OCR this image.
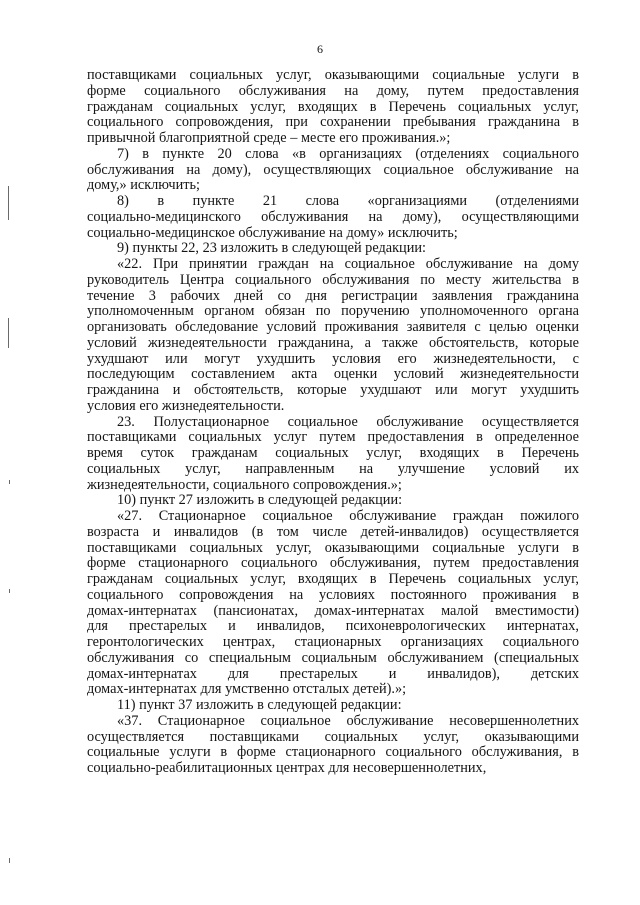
6
поставщиками социальных услуг, оказывающими социальные услуги в
форме социального обслуживания на дому, путем предоставления
гражданам социальных услуг, входящих в Перечень социальных услуг,
социального сопровождения, при сохранении пребывания гражданина в
привычной благоприятной среде – месте его проживания.»;
7) в пункте 20 слова «в организациях (отделениях социального
обслуживания на дому), осуществляющих социальное обслуживание на
дому,» исключить;
8) в пункте 21 слова «организациями (отделениями
социально-медицинского обслуживания на дому), осуществляющими
социально-медицинское обслуживание на дому» исключить;
9) пункты 22, 23 изложить в следующей редакции:
«22. При принятии граждан на социальное обслуживание на дому
руководитель Центра социального обслуживания по месту жительства в
течение 3 рабочих дней со дня регистрации заявления гражданина
уполномоченным органом обязан по поручению уполномоченного органа
организовать обследование условий проживания заявителя с целью оценки
условий жизнедеятельности гражданина, а также обстоятельств, которые
ухудшают или могут ухудшить условия его жизнедеятельности, с
последующим составлением акта оценки условий жизнедеятельности
гражданина и обстоятельств, которые ухудшают или могут ухудшить
условия его жизнедеятельности.
23. Полустационарное социальное обслуживание осуществляется
поставщиками социальных услуг путем предоставления в определенное
время суток гражданам социальных услуг, входящих в Перечень
социальных услуг, направленным на улучшение условий их
жизнедеятельности, социального сопровождения.»;
10) пункт 27 изложить в следующей редакции:
«27. Стационарное социальное обслуживание граждан пожилого
возраста и инвалидов (в том числе детей-инвалидов) осуществляется
поставщиками социальных услуг, оказывающими социальные услуги в
форме стационарного социального обслуживания, путем предоставления
гражданам социальных услуг, входящих в Перечень социальных услуг,
социального сопровождения на условиях постоянного проживания в
домах-интернатах (пансионатах, домах-интернатах малой вместимости)
для престарелых и инвалидов, психоневрологических интернатах,
геронтологических центрах, стационарных организациях социального
обслуживания со специальным социальным обслуживанием (специальных
домах-интернатах для престарелых и инвалидов), детских
домах-интернатах для умственно отсталых детей).»;
11) пункт 37 изложить в следующей редакции:
«37. Стационарное социальное обслуживание несовершеннолетних
осуществляется поставщиками социальных услуг, оказывающими
социальные услуги в форме стационарного социального обслуживания, в
социально-реабилитационных центрах для несовершеннолетних,
